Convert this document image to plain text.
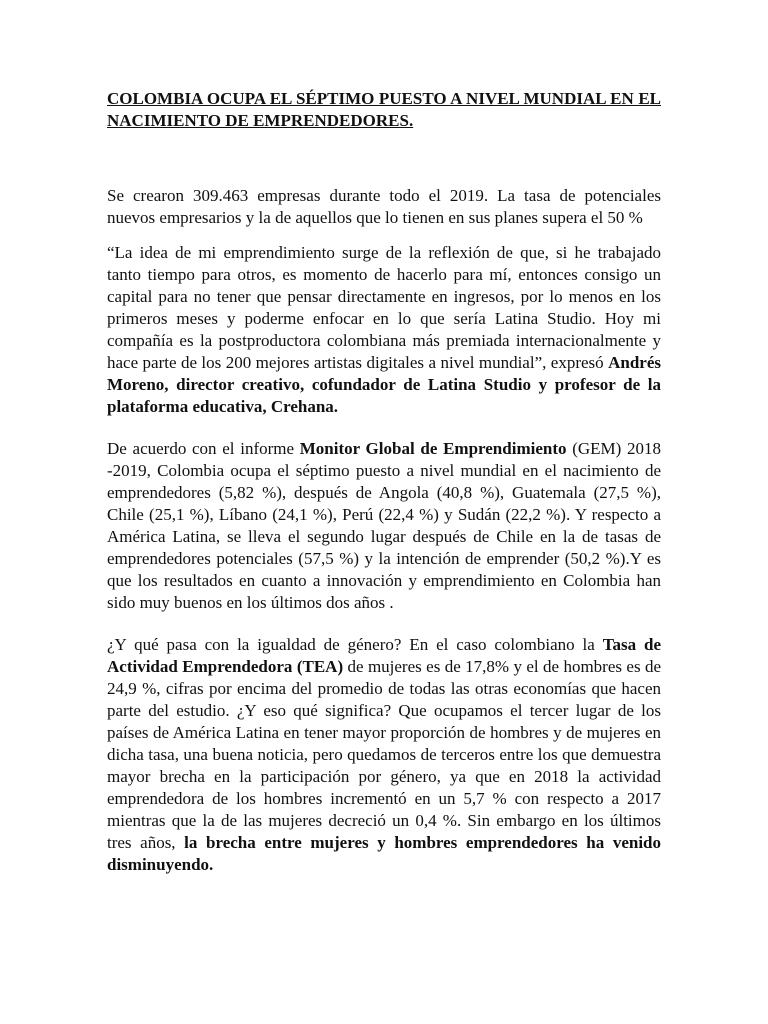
COLOMBIA OCUPA EL SÉPTIMO PUESTO A NIVEL MUNDIAL EN EL NACIMIENTO DE EMPRENDEDORES.

Se crearon 309.463 empresas durante todo el 2019. La tasa de potenciales nuevos empresarios y la de aquellos que lo tienen en sus planes supera el 50 %

“La idea de mi emprendimiento surge de la reflexión de que, si he trabajado tanto tiempo para otros, es momento de hacerlo para mí, entonces consigo un capital para no tener que pensar directamente en ingresos, por lo menos en los primeros meses y poderme enfocar en lo que sería Latina Studio. Hoy mi compañía es la postproductora colombiana más premiada internacionalmente y hace parte de los 200 mejores artistas digitales a nivel mundial”, expresó Andrés Moreno, director creativo, cofundador de Latina Studio y profesor de la plataforma educativa, Crehana.

De acuerdo con el informe Monitor Global de Emprendimiento (GEM) 2018 -2019, Colombia ocupa el séptimo puesto a nivel mundial en el nacimiento de emprendedores (5,82 %), después de Angola (40,8 %), Guatemala (27,5 %), Chile (25,1 %), Líbano (24,1 %), Perú (22,4 %) y Sudán (22,2 %). Y respecto a América Latina, se lleva el segundo lugar después de Chile en la de tasas de emprendedores potenciales (57,5 %) y la intención de emprender (50,2 %).Y es que los resultados en cuanto a innovación y emprendimiento en Colombia han sido muy buenos en los últimos dos años .

¿Y qué pasa con la igualdad de género? En el caso colombiano la Tasa de Actividad Emprendedora (TEA) de mujeres es de 17,8% y el de hombres es de 24,9 %, cifras por encima del promedio de todas las otras economías que hacen parte del estudio. ¿Y eso qué significa? Que ocupamos el tercer lugar de los países de América Latina en tener mayor proporción de hombres y de mujeres en dicha tasa, una buena noticia, pero quedamos de terceros entre los que demuestra mayor brecha en la participación por género, ya que en 2018 la actividad emprendedora de los hombres incrementó en un 5,7 % con respecto a 2017 mientras que la de las mujeres decreció un 0,4 %. Sin embargo en los últimos tres años, la brecha entre mujeres y hombres emprendedores ha venido disminuyendo.
